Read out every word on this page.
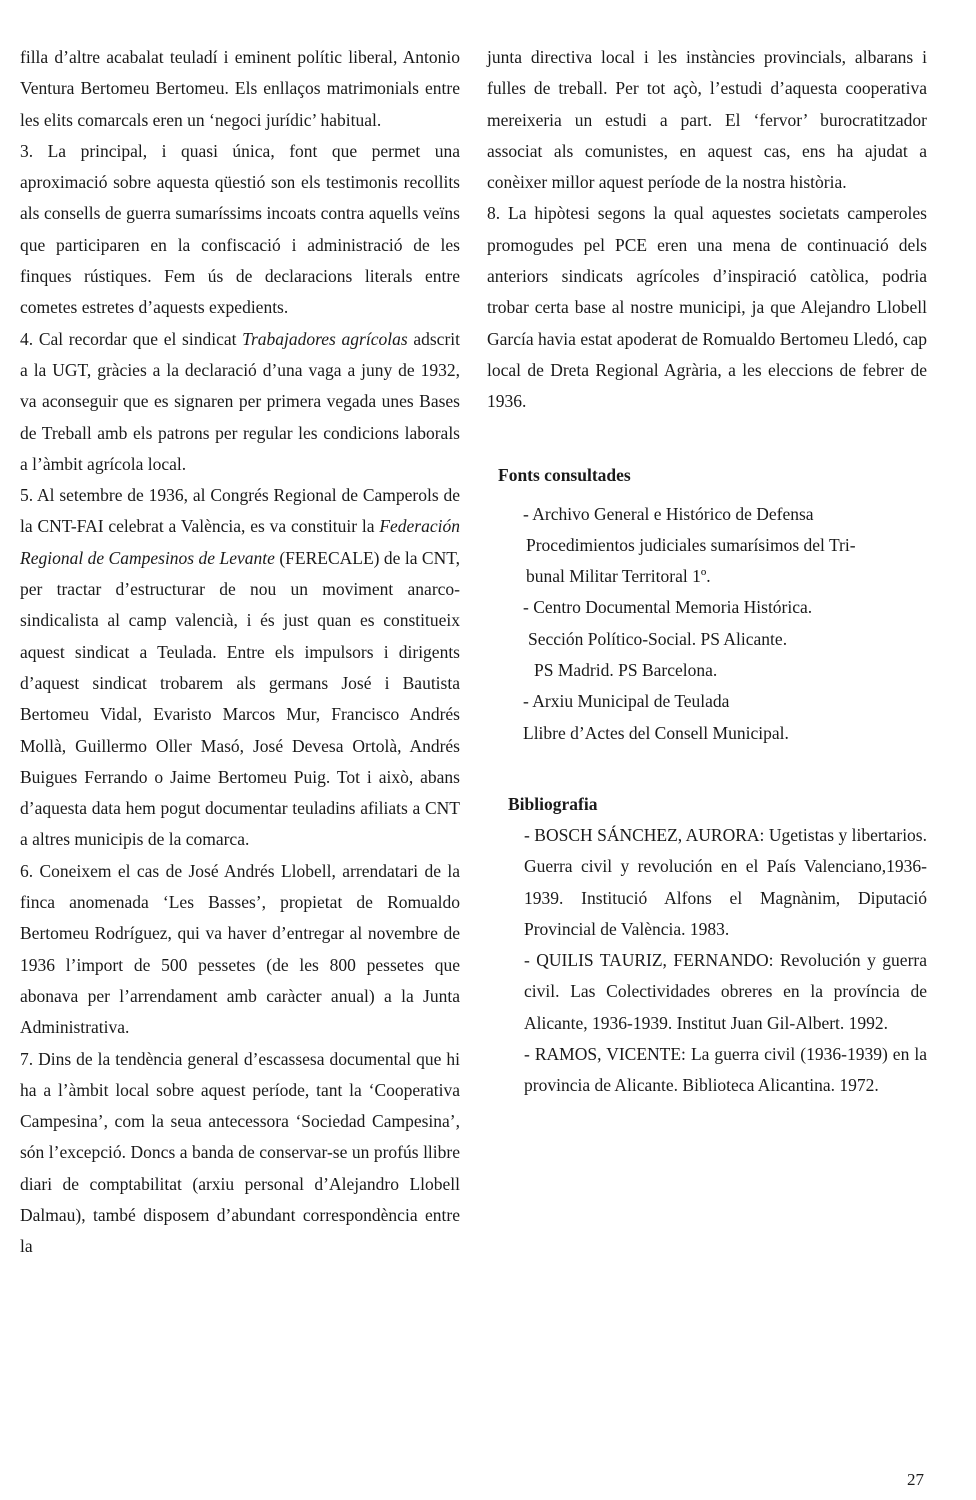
filla d’altre acabalat teuladí i eminent polític liberal, Antonio Ventura Bertomeu Bertomeu. Els enllaços matrimonials entre les elits comarcals eren un ‘negoci jurídic’ habitual.

3. La principal, i quasi única, font que permet una aproximació sobre aquesta qüestió son els testimonis recollits als consells de guerra sumaríssims incoats contra aquells veïns que participaren en la confiscació i administració de les finques rústiques. Fem ús de declaracions literals entre cometes estretes d’aquests expedients.

4. Cal recordar que el sindicat Trabajadores agrícolas adscrit a la UGT, gràcies a la declaració d’una vaga a juny de 1932, va aconseguir que es signaren per primera vegada unes Bases de Treball amb els patrons per regular les condicions laborals a l’àmbit agrícola local.

5. Al setembre de 1936, al Congrés Regional de Camperols de la CNT-FAI celebrat a València, es va constituir la Federación Regional de Campesinos de Levante (FERECALE) de la CNT, per tractar d’estructurar de nou un moviment anarco-sindicalista al camp valencià, i és just quan es constitueix aquest sindicat a Teulada. Entre els impulsors i dirigents d’aquest sindicat trobarem als germans José i Bautista Bertomeu Vidal, Evaristo Marcos Mur, Francisco Andrés Mollà, Guillermo Oller Masó, José Devesa Ortolà, Andrés Buigues Ferrando o Jaime Bertomeu Puig. Tot i això, abans d’aquesta data hem pogut documentar teuladins afiliats a CNT a altres municipis de la comarca.

6. Coneixem el cas de José Andrés Llobell, arrendatari de la finca anomenada ‘Les Basses’, propietat de Romualdo Bertomeu Rodríguez, qui va haver d’entregar al novembre de 1936 l’import de 500 pessetes (de les 800 pessetes que abonava per l’arrendament amb caràcter anual) a la Junta Administrativa.

7. Dins de la tendència general d’escassesa documental que hi ha a l’àmbit local sobre aquest període, tant la ‘Cooperativa Campesina’, com la seua antecessora ‘Sociedad Campesina’, són l’excepció. Doncs a banda de conservar-se un profús llibre diari de comptabilitat (arxiu personal d’Alejandro Llobell Dalmau), també disposem d’abundant correspondència entre la

junta directiva local i les instàncies provincials, albarans i fulles de treball. Per tot açò, l’estudi d’aquesta cooperativa mereixeria un estudi a part. El ‘fervor’ burocratitzador associat als comunistes, en aquest cas, ens ha ajudat a conèixer millor aquest període de la nostra història.

8. La hipòtesi segons la qual aquestes societats camperoles promogudes pel PCE eren una mena de continuació dels anteriors sindicats agrícoles d’inspiració catòlica, podria trobar certa base al nostre municipi, ja que Alejandro Llobell García havia estat apoderat de Romualdo Bertomeu Lledó, cap local de Dreta Regional Agrària, a les eleccions de febrer de 1936.

Fonts consultades

- Archivo General e Histórico de Defensa
Procedimientos judiciales sumarísimos del Tri-
bunal Militar Territoral 1º.
- Centro Documental Memoria Histórica.
Sección Político-Social. PS Alicante.
PS Madrid. PS Barcelona.
- Arxiu Municipal de Teulada
Llibre d’Actes del Consell Municipal.

Bibliografia

- BOSCH SÁNCHEZ, AURORA: Ugetistas y libertarios. Guerra civil y revolución en el País Valenciano,1936-1939. Institució Alfons el Magnànim, Diputació Provincial de València. 1983.

- QUILIS TAURIZ, FERNANDO: Revolución y guerra civil. Las Colectividades obreres en la província de Alicante, 1936-1939. Institut Juan Gil-Albert. 1992.

- RAMOS, VICENTE: La guerra civil (1936-1939) en la provincia de Alicante. Biblioteca Alicantina. 1972.

27
